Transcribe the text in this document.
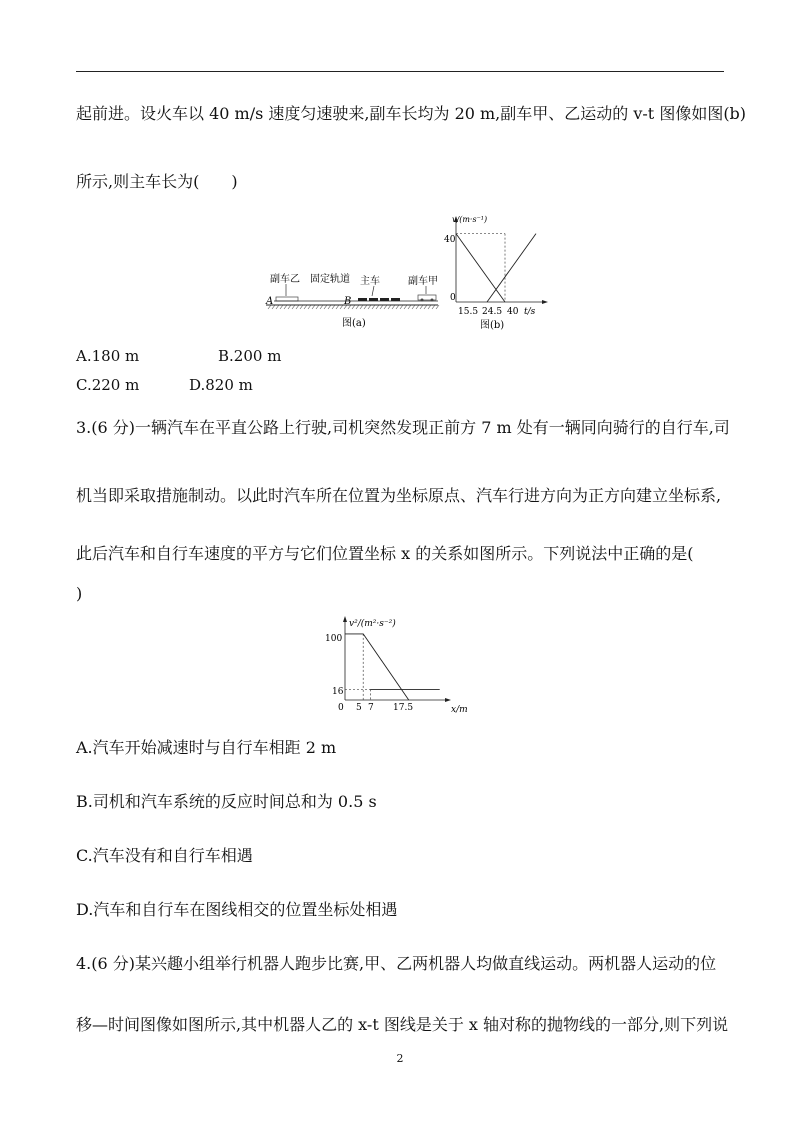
起前进。设火车以 40 m/s 速度匀速驶来,副车长均为 20 m,副车甲、乙运动的 v-t 图像如图(b)
所示,则主车长为(　　)
副车乙 固定轨道 主车	副车甲
A	B
图(a)
v/(m·s⁻¹)
t/s
0
40
15.5 24.5 40
图(b)
A.180 m	B.200 m
C.220 m	D.820 m
3.(6 分)一辆汽车在平直公路上行驶,司机突然发现正前方 7 m 处有一辆同向骑行的自行车,司
机当即采取措施制动。以此时汽车所在位置为坐标原点、汽车行进方向为正方向建立坐标系,
此后汽车和自行车速度的平方与它们位置坐标 x 的关系如图所示。下列说法中正确的是(
)
v²/(m²·s⁻²)
x/m
0
100
16
5 7 17.5
A.汽车开始减速时与自行车相距 2 m
B.司机和汽车系统的反应时间总和为 0.5 s
C.汽车没有和自行车相遇
D.汽车和自行车在图线相交的位置坐标处相遇
4.(6 分)某兴趣小组举行机器人跑步比赛,甲、乙两机器人均做直线运动。两机器人运动的位
移—时间图像如图所示,其中机器人乙的 x-t 图线是关于 x 轴对称的抛物线的一部分,则下列说
2
